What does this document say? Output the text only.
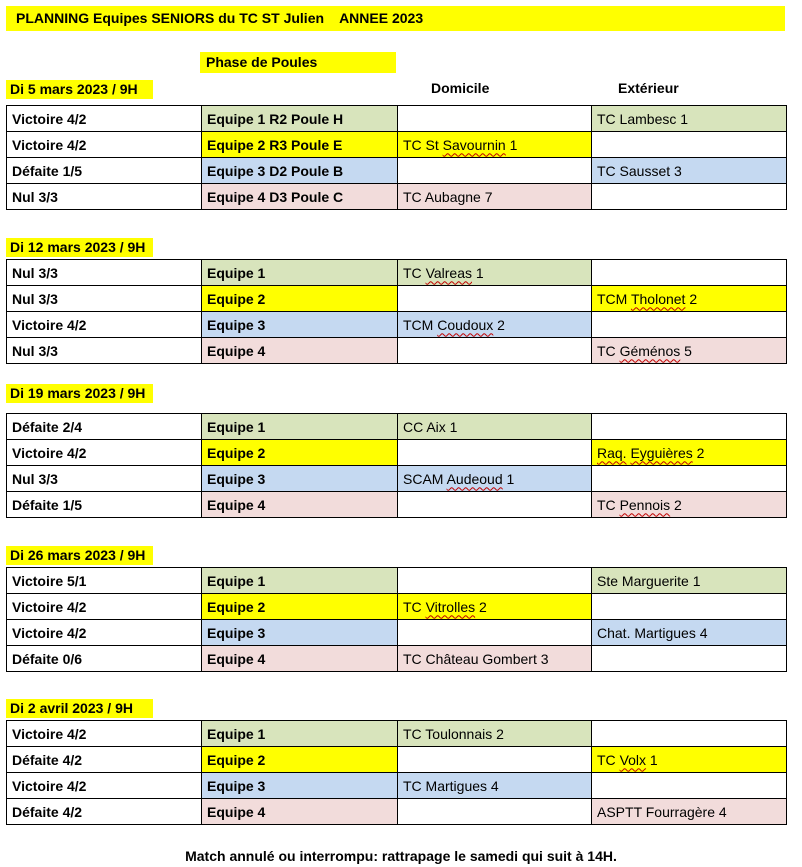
PLANNING Equipes SENIORS du TC ST Julien    ANNEE 2023
Phase de Poules
Domicile	Extérieur
Di 5 mars 2023 / 9H
Victoire 4/2	Equipe 1 R2 Poule H		TC Lambesc 1
Victoire 4/2	Equipe 2 R3 Poule E	TC St Savournin 1	
Défaite 1/5	Equipe 3 D2 Poule B		TC Sausset 3
Nul 3/3	Equipe 4 D3 Poule C	TC Aubagne 7	
Di 12 mars 2023 / 9H
Nul 3/3	Equipe 1	TC Valreas 1	
Nul 3/3	Equipe 2		TCM Tholonet 2
Victoire 4/2	Equipe 3	TCM Coudoux 2	
Nul 3/3	Equipe 4		TC Géménos 5
Di 19 mars 2023 / 9H
Défaite 2/4	Equipe 1	CC Aix 1	
Victoire 4/2	Equipe 2		Raq. Eyguières 2
Nul 3/3	Equipe 3	SCAM Audeoud 1	
Défaite 1/5	Equipe 4		TC Pennois 2
Di 26 mars 2023 / 9H
Victoire 5/1	Equipe 1		Ste Marguerite 1
Victoire 4/2	Equipe 2	TC Vitrolles 2	
Victoire 4/2	Equipe 3		Chat. Martigues 4
Défaite 0/6	Equipe 4	TC Château Gombert 3	
Di 2 avril 2023 / 9H
Victoire 4/2	Equipe 1	TC Toulonnais 2	
Défaite 4/2	Equipe 2		TC Volx 1
Victoire 4/2	Equipe 3	TC Martigues 4	
Défaite 4/2	Equipe 4		ASPTT Fourragère 4
Match annulé ou interrompu: rattrapage le samedi qui suit à 14H.
